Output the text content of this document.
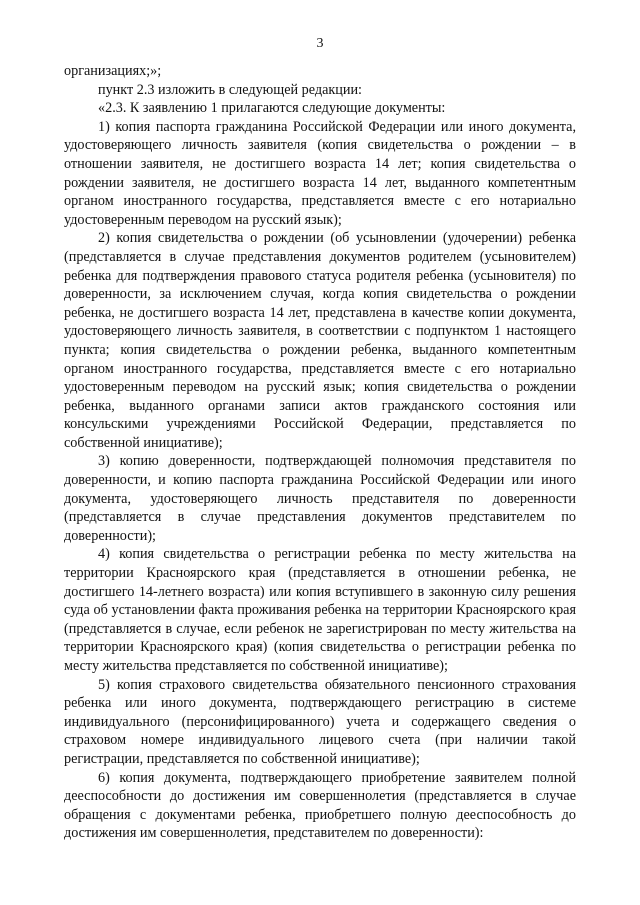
3

организациях;»;

пункт 2.3 изложить в следующей редакции:

«2.3. К заявлению 1 прилагаются следующие документы:

1) копия паспорта гражданина Российской Федерации или иного документа, удостоверяющего личность заявителя (копия свидетельства о рождении – в отношении заявителя, не достигшего возраста 14 лет; копия свидетельства о рождении заявителя, не достигшего возраста 14 лет, выданного компетентным органом иностранного государства, представляется вместе с его нотариально удостоверенным переводом на русский язык);

2) копия свидетельства о рождении (об усыновлении (удочерении) ребенка (представляется в случае представления документов родителем (усыновителем) ребенка для подтверждения правового статуса родителя ребенка (усыновителя) по доверенности, за исключением случая, когда копия свидетельства о рождении ребенка, не достигшего возраста 14 лет, представлена в качестве копии документа, удостоверяющего личность заявителя, в соответствии с подпунктом 1 настоящего пункта; копия свидетельства о рождении ребенка, выданного компетентным органом иностранного государства, представляется вместе с его нотариально удостоверенным переводом на русский язык; копия свидетельства о рождении ребенка, выданного органами записи актов гражданского состояния или консульскими учреждениями Российской Федерации, представляется по собственной инициативе);

3) копию доверенности, подтверждающей полномочия представителя по доверенности, и копию паспорта гражданина Российской Федерации или иного документа, удостоверяющего личность представителя по доверенности (представляется в случае представления документов представителем по доверенности);

4) копия свидетельства о регистрации ребенка по месту жительства на территории Красноярского края (представляется в отношении ребенка, не достигшего 14-летнего возраста) или копия вступившего в законную силу решения суда об установлении факта проживания ребенка на территории Красноярского края (представляется в случае, если ребенок не зарегистрирован по месту жительства на территории Красноярского края) (копия свидетельства о регистрации ребенка по месту жительства представляется по собственной инициативе);

5) копия страхового свидетельства обязательного пенсионного страхования ребенка или иного документа, подтверждающего регистрацию в системе индивидуального (персонифицированного) учета и содержащего сведения о страховом номере индивидуального лицевого счета (при наличии такой регистрации, представляется по собственной инициативе);

6) копия документа, подтверждающего приобретение заявителем полной дееспособности до достижения им совершеннолетия (представляется в случае обращения с документами ребенка, приобретшего полную дееспособность до достижения им совершеннолетия, представителем по доверенности):
